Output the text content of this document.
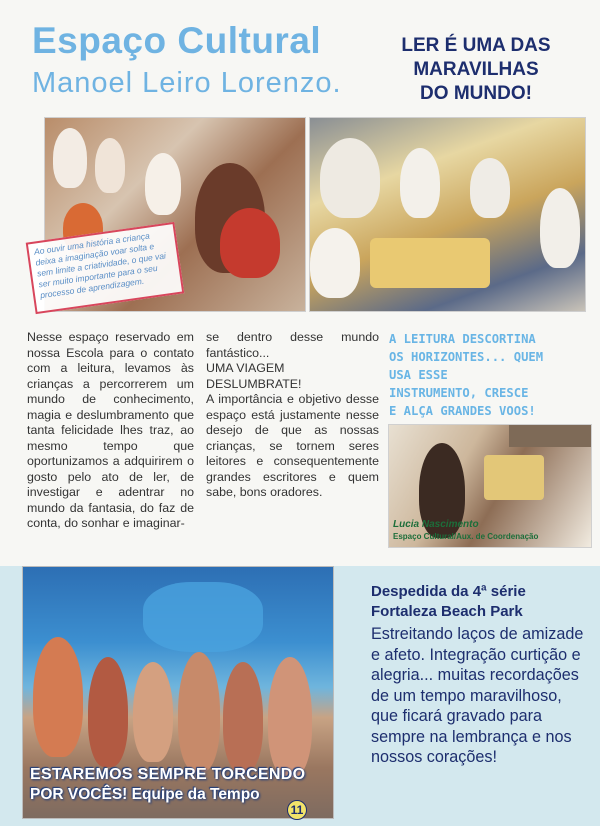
Espaço Cultural
Manoel Leiro Lorenzo.
LER É UMA DAS
MARAVILHAS
DO MUNDO!
Ao ouvir uma história a criança deixa a imaginação voar solta e sem limite a criatividade, o que vai ser muito importante para o seu processo de aprendizagem.
Nesse espaço reservado em nossa Escola para o contato com a leitura, levamos às crianças a percorrerem um mundo de conhecimento, magia e deslumbramento que tanta felicidade lhes traz, ao mesmo tempo que oportunizamos a adquirirem o gosto pelo ato de ler, de investigar e adentrar no mundo da fantasia, do faz de conta, do sonhar e imaginar-
se dentro desse mundo fantástico...
UMA VIAGEM
DESLUMBRATE!
A importância e objetivo desse espaço está justamente nesse desejo de que as nossas crianças, se tornem seres leitores e consequentemente grandes escritores e quem sabe, bons oradores.
A LEITURA DESCORTINA
OS HORIZONTES... QUEM
USA ESSE
INSTRUMENTO, CRESCE
E ALÇA GRANDES VOOS!
Lucia Nascimento
Espaço Cultural/Aux. de Coordenação
ESTAREMOS SEMPRE TORCENDO
POR VOCÊS! Equipe da Tempo
11
Despedida da 4ª série
Fortaleza Beach Park
Estreitando laços de amizade e afeto. Integração curtição e alegria... muitas recordações de um tempo maravilhoso, que ficará gravado para sempre na lembrança e nos nossos corações!
